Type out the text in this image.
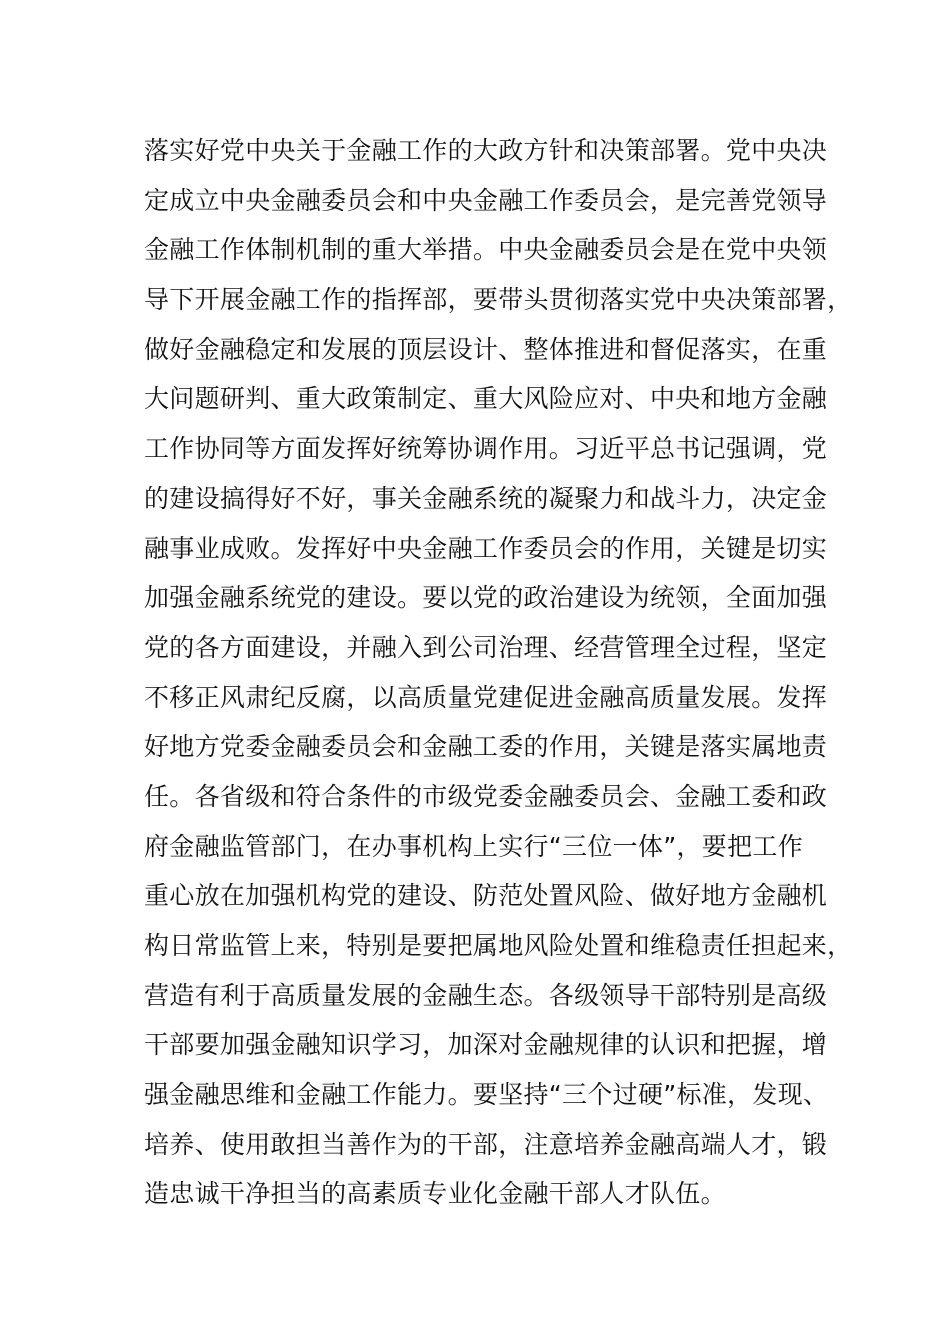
落实好党中央关于金融工作的大政方针和决策部署。党中央决
定成立中央金融委员会和中央金融工作委员会，是完善党领导
金融工作体制机制的重大举措。中央金融委员会是在党中央领
导下开展金融工作的指挥部，要带头贯彻落实党中央决策部署，
做好金融稳定和发展的顶层设计、整体推进和督促落实，在重
大问题研判、重大政策制定、重大风险应对、中央和地方金融
工作协同等方面发挥好统筹协调作用。习近平总书记强调，党
的建设搞得好不好，事关金融系统的凝聚力和战斗力，决定金
融事业成败。发挥好中央金融工作委员会的作用，关键是切实
加强金融系统党的建设。要以党的政治建设为统领，全面加强
党的各方面建设，并融入到公司治理、经营管理全过程，坚定
不移正风肃纪反腐，以高质量党建促进金融高质量发展。发挥
好地方党委金融委员会和金融工委的作用，关键是落实属地责
任。各省级和符合条件的市级党委金融委员会、金融工委和政
府金融监管部门，在办事机构上实行“三位一体”，要把工作
重心放在加强机构党的建设、防范处置风险、做好地方金融机
构日常监管上来，特别是要把属地风险处置和维稳责任担起来，
营造有利于高质量发展的金融生态。各级领导干部特别是高级
干部要加强金融知识学习，加深对金融规律的认识和把握，增
强金融思维和金融工作能力。要坚持“三个过硬”标准，发现、
培养、使用敢担当善作为的干部，注意培养金融高端人才，锻
造忠诚干净担当的高素质专业化金融干部人才队伍。
